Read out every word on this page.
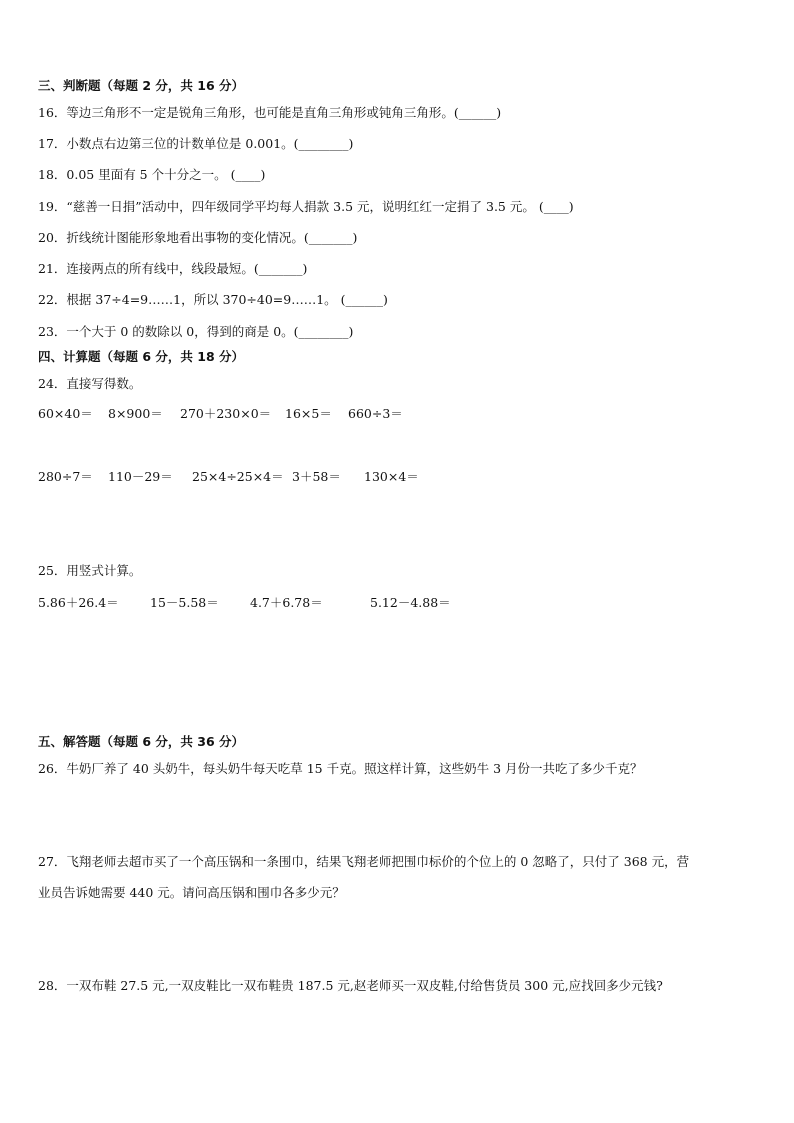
三、判断题（每题 2 分，共 16 分）
16．等边三角形不一定是锐角三角形，也可能是直角三角形或钝角三角形。(______)
17．小数点右边第三位的计数单位是 0.001。(________)
18．0.05 里面有 5 个十分之一。 (____)
19．“慈善一日捐”活动中，四年级同学平均每人捐款 3.5 元，说明红红一定捐了 3.5 元。 (____)
20．折线统计图能形象地看出事物的变化情况。(_______)
21．连接两点的所有线中，线段最短。(_______)
22．根据 37÷4=9……1，所以 370÷40=9……1。 (______)
23．一个大于 0 的数除以 0，得到的商是 0。(________)
四、计算题（每题 6 分，共 18 分）
24．直接写得数。
60×40＝ 8×900＝ 270＋230×0＝ 16×5＝ 660÷3＝
280÷7＝ 110－29＝ 25×4÷25×4＝ 3＋58＝ 130×4＝
25．用竖式计算。
5.86＋26.4＝	15－5.58＝	4.7＋6.78＝	5.12－4.88＝
五、解答题（每题 6 分，共 36 分）
26．牛奶厂养了 40 头奶牛，每头奶牛每天吃草 15 千克。照这样计算，这些奶牛 3 月份一共吃了多少千克？
27．飞翔老师去超市买了一个高压锅和一条围巾，结果飞翔老师把围巾标价的个位上的 0 忽略了，只付了 368 元，营
业员告诉她需要 440 元。请问高压锅和围巾各多少元？
28．一双布鞋 27.5 元,一双皮鞋比一双布鞋贵 187.5 元,赵老师买一双皮鞋,付给售货员 300 元,应找回多少元钱?
